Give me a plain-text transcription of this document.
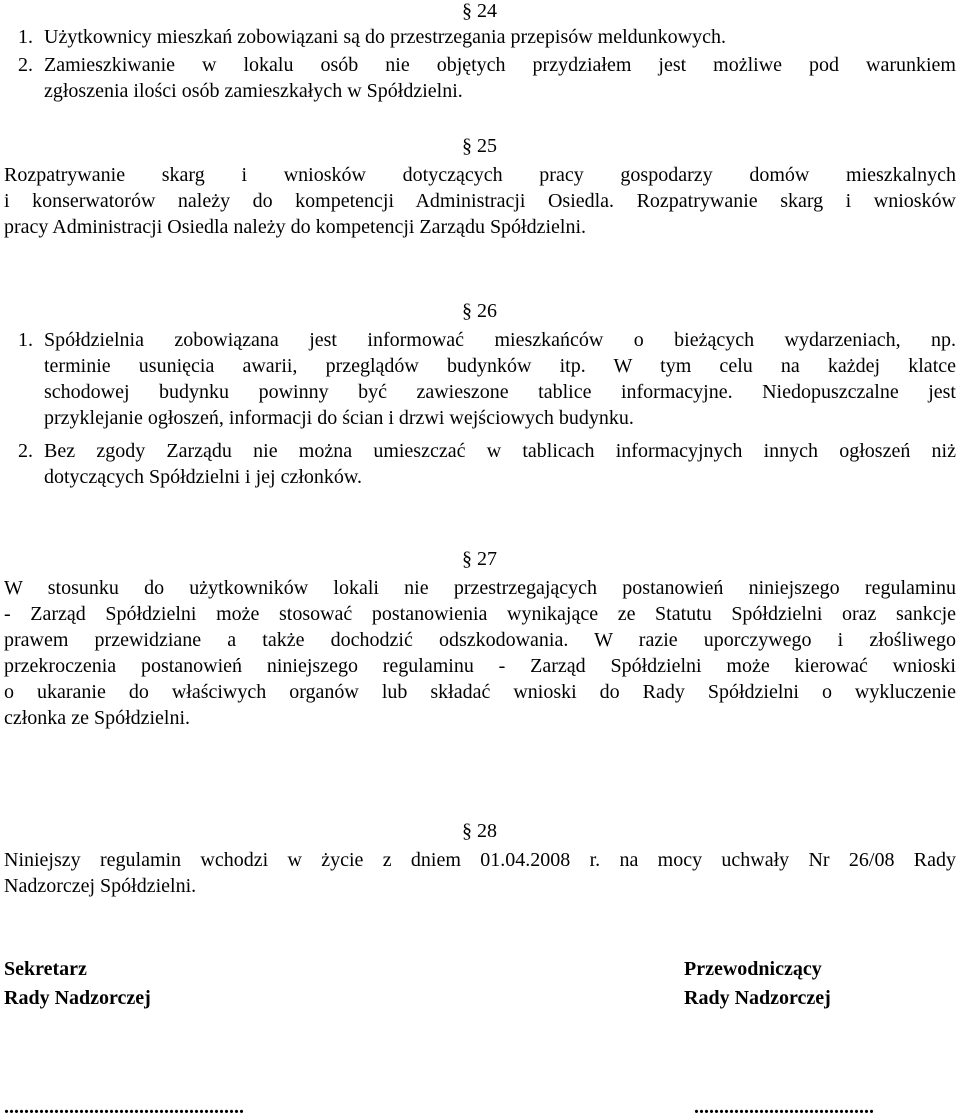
§ 24
1. Użytkownicy mieszkań zobowiązani są do przestrzegania przepisów meldunkowych.
2. Zamieszkiwanie w lokalu osób nie objętych przydziałem jest możliwe pod warunkiem
zgłoszenia ilości osób zamieszkałych w Spółdzielni.
§ 25
Rozpatrywanie skarg i wniosków dotyczących pracy gospodarzy domów mieszkalnych
i konserwatorów należy do kompetencji Administracji Osiedla. Rozpatrywanie skarg i wniosków
pracy Administracji Osiedla należy do kompetencji Zarządu Spółdzielni.
§ 26
1. Spółdzielnia zobowiązana jest informować mieszkańców o bieżących wydarzeniach, np.
terminie usunięcia awarii, przeglądów budynków itp. W tym celu na każdej klatce
schodowej budynku powinny być zawieszone tablice informacyjne. Niedopuszczalne jest
przyklejanie ogłoszeń, informacji do ścian i drzwi wejściowych budynku.
2. Bez zgody Zarządu nie można umieszczać w tablicach informacyjnych innych ogłoszeń niż
dotyczących Spółdzielni i jej członków.
§ 27
W stosunku do użytkowników lokali nie przestrzegających postanowień niniejszego regulaminu
- Zarząd Spółdzielni może stosować postanowienia wynikające ze Statutu Spółdzielni oraz sankcje
prawem przewidziane a także dochodzić odszkodowania. W razie uporczywego i złośliwego
przekroczenia postanowień niniejszego regulaminu - Zarząd Spółdzielni może kierować wnioski
o ukaranie do właściwych organów lub składać wnioski do Rady Spółdzielni o wykluczenie
członka ze Spółdzielni.
§ 28
Niniejszy regulamin wchodzi w życie z dniem 01.04.2008 r. na mocy uchwały Nr 26/08 Rady
Nadzorczej Spółdzielni.
Sekretarz
Rady Nadzorczej
Przewodniczący
Rady Nadzorczej
................................................	....................................
